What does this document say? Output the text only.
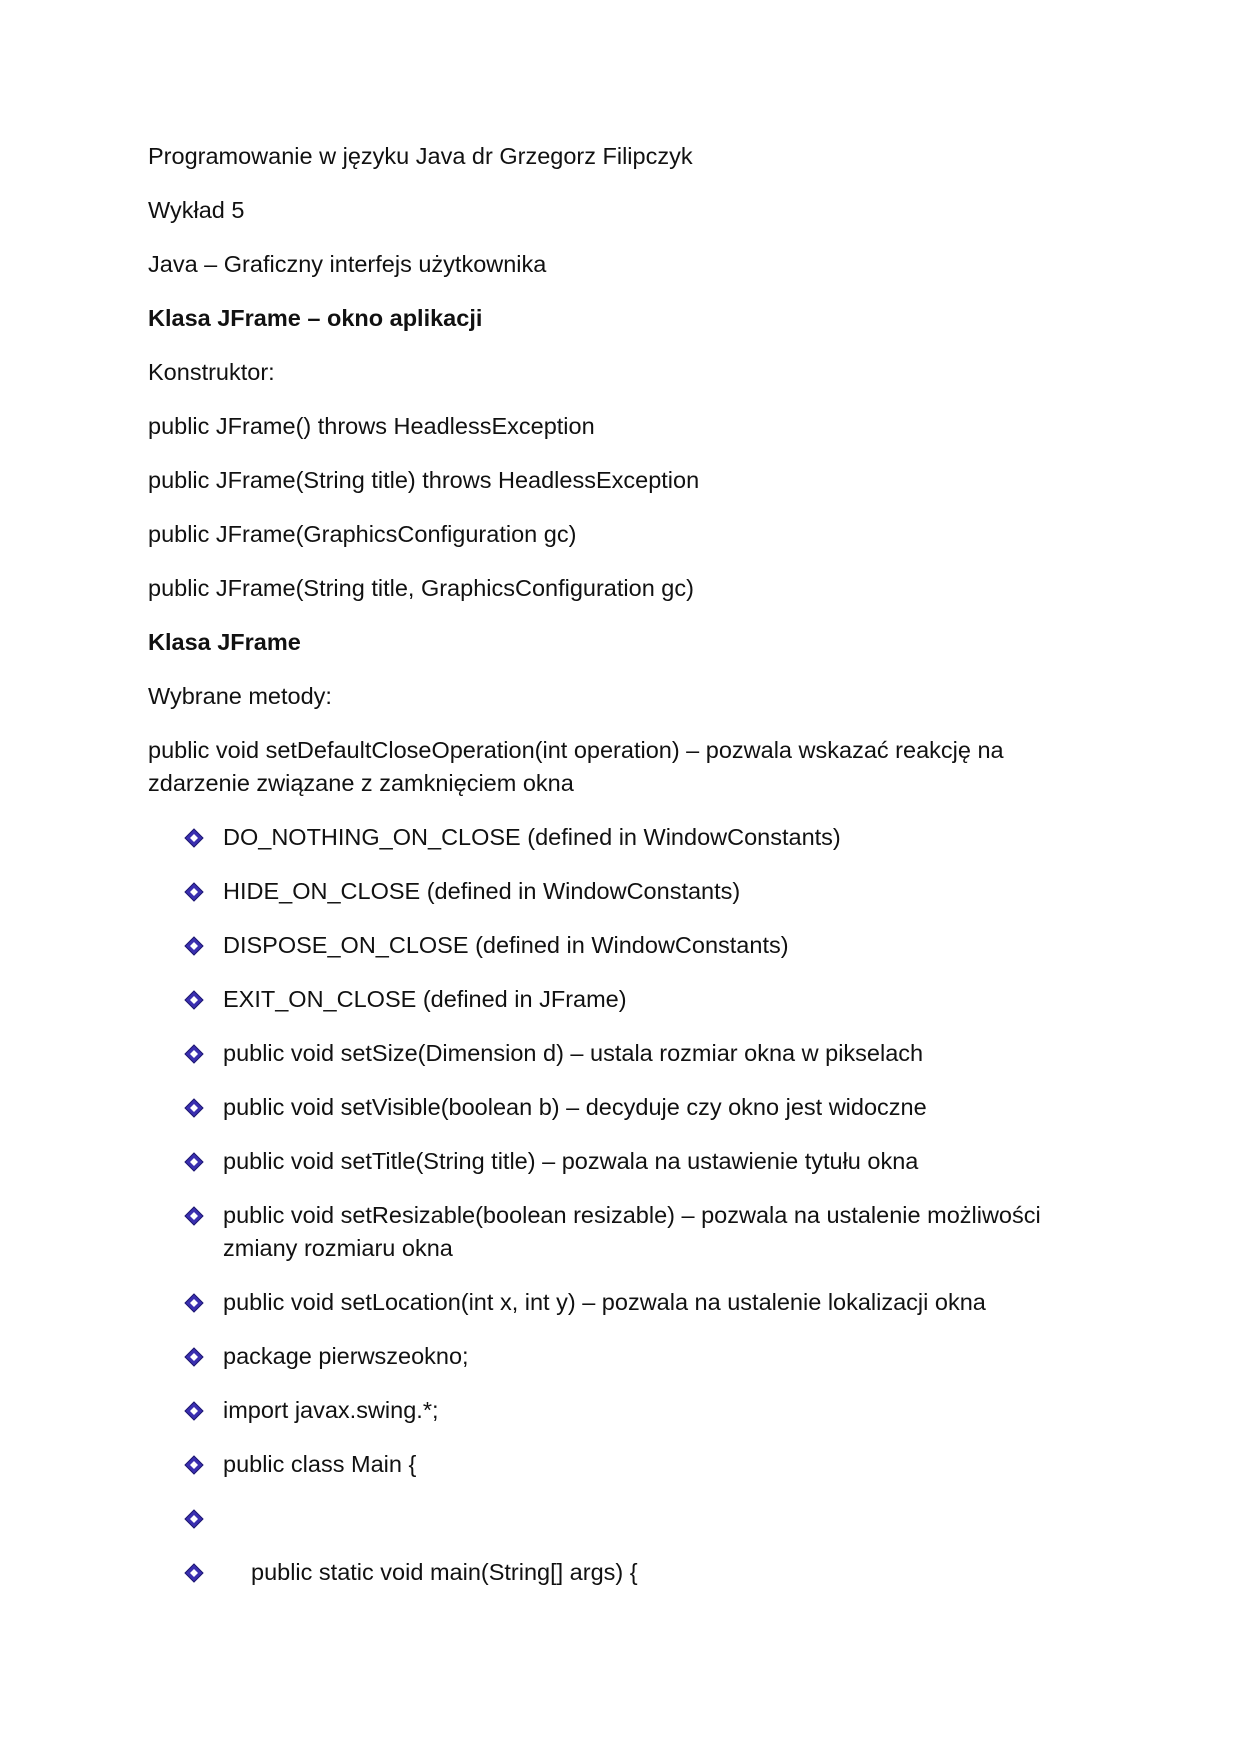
Programowanie w języku Java dr Grzegorz Filipczyk

Wykład 5

Java – Graficzny interfejs użytkownika

Klasa JFrame – okno aplikacji

Konstruktor:

public JFrame() throws HeadlessException

public JFrame(String title) throws HeadlessException

public JFrame(GraphicsConfiguration gc)

public JFrame(String title, GraphicsConfiguration gc)

Klasa JFrame

Wybrane metody:

public void setDefaultCloseOperation(int operation) – pozwala wskazać reakcję na zdarzenie związane z zamknięciem okna

DO_NOTHING_ON_CLOSE (defined in WindowConstants)
HIDE_ON_CLOSE (defined in WindowConstants)
DISPOSE_ON_CLOSE (defined in WindowConstants)
EXIT_ON_CLOSE (defined in JFrame)
public void setSize(Dimension d) – ustala rozmiar okna w pikselach
public void setVisible(boolean b) – decyduje czy okno jest widoczne
public void setTitle(String title) – pozwala na ustawienie tytułu okna
public void setResizable(boolean resizable) – pozwala na ustalenie możliwości zmiany rozmiaru okna
public void setLocation(int x, int y) – pozwala na ustalenie lokalizacji okna
package pierwszeokno;
import javax.swing.*;
public class Main {
public static void main(String[] args) {
